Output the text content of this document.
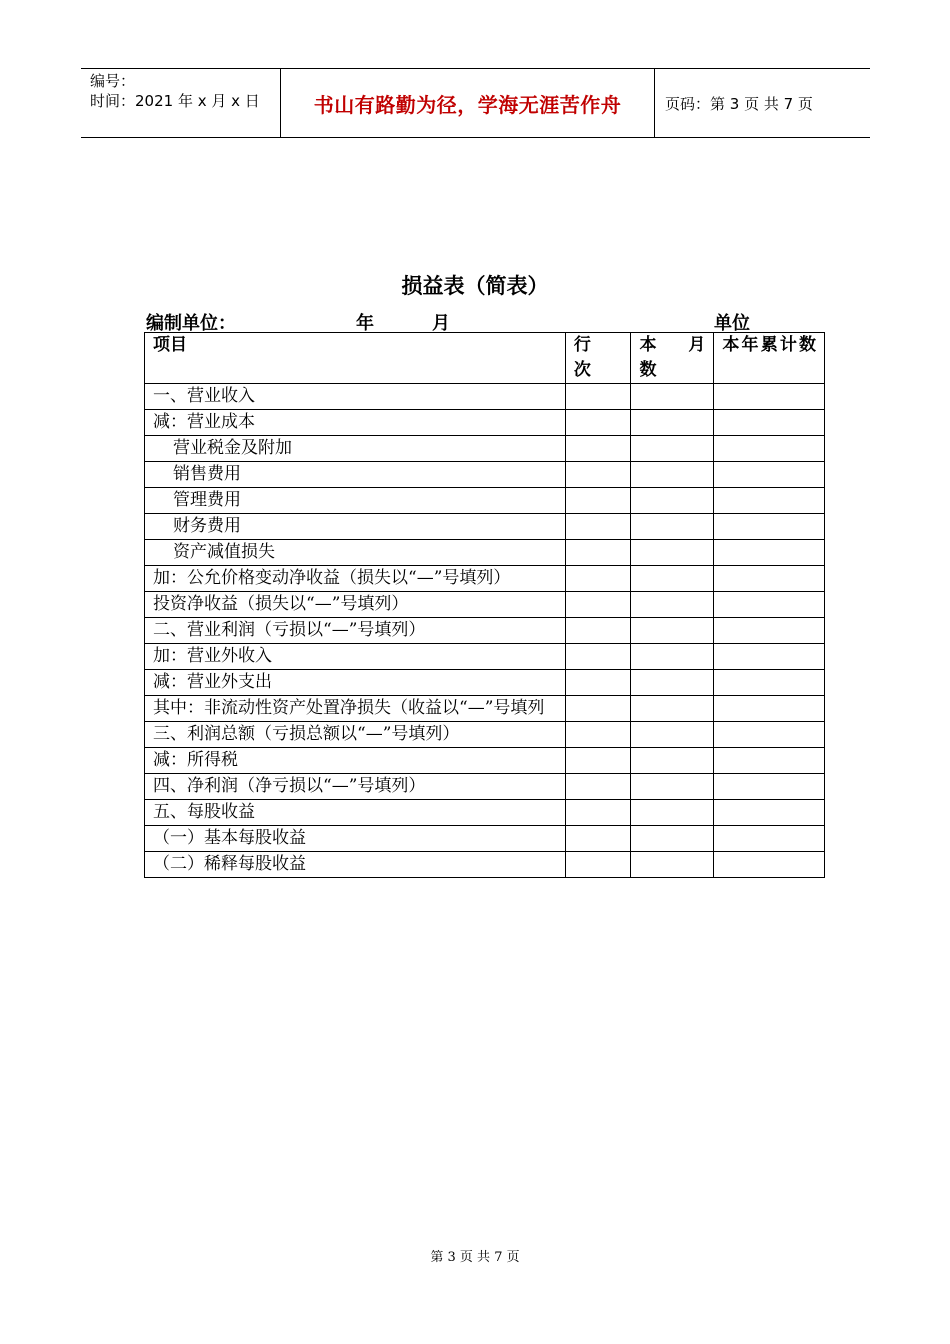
编号：
时间：2021 年 x 月 x 日	书山有路勤为径，学海无涯苦作舟	页码：第 3 页 共 7 页
损益表（简表）
编制单位：	年	月	单位
项目	行次	本　月数	本年累计数

一、营业收入			
减：营业成本			
营业税金及附加			
销售费用			
管理费用			
财务费用			
资产减值损失			
加：公允价格变动净收益（损失以“—”号填列）			
投资净收益（损失以“—”号填列）			
二、营业利润（亏损以“—”号填列）			
加：营业外收入			
减：营业外支出			
其中：非流动性资产处置净损失（收益以“—”号填列			
三、利润总额（亏损总额以“—”号填列）			
减：所得税			
四、净利润（净亏损以“—”号填列）			
五、每股收益			
（一）基本每股收益			
（二）稀释每股收益			
第 3 页 共 7 页
